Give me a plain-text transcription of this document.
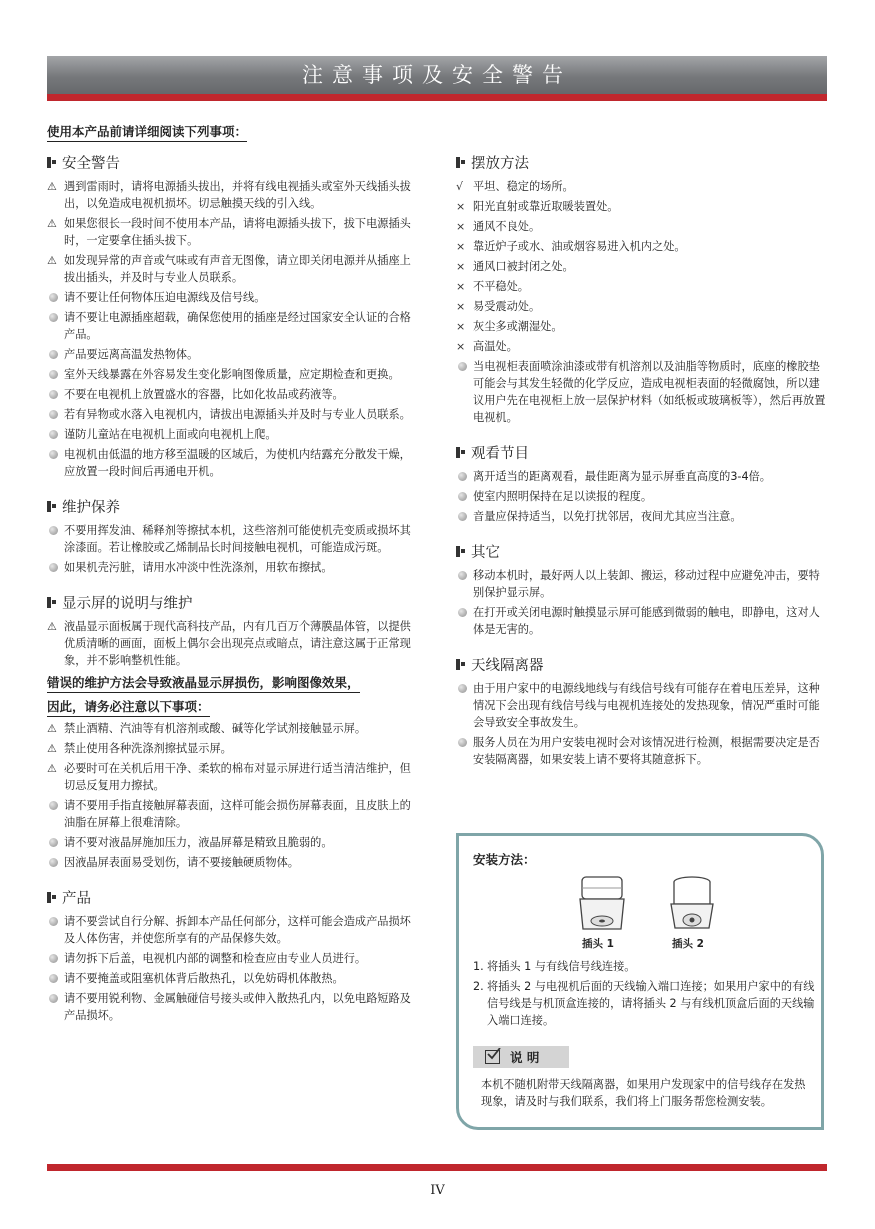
注意事项及安全警告
使用本产品前请详细阅读下列事项：
安全警告
⚠ 遇到雷雨时，请将电源插头拔出，并将有线电视插头或室外天线插头拔出，以免造成电视机损坏。切忌触摸天线的引入线。
⚠ 如果您很长一段时间不使用本产品，请将电源插头拔下，拔下电源插头时，一定要拿住插头拔下。
⚠ 如发现异常的声音或气味或有声音无图像，请立即关闭电源并从插座上拔出插头，并及时与专业人员联系。
请不要让任何物体压迫电源线及信号线。
请不要让电源插座超载，确保您使用的插座是经过国家安全认证的合格产品。
产品要远离高温发热物体。
室外天线暴露在外容易发生变化影响图像质量，应定期检查和更换。
不要在电视机上放置盛水的容器，比如化妆品或药液等。
若有异物或水落入电视机内，请拔出电源插头并及时与专业人员联系。
谨防儿童站在电视机上面或向电视机上爬。
电视机由低温的地方移至温暖的区域后，为使机内结露充分散发干燥，应放置一段时间后再通电开机。
维护保养
不要用挥发油、稀释剂等擦拭本机，这些溶剂可能使机壳变质或损坏其涂漆面。若让橡胶或乙烯制品长时间接触电视机，可能造成污斑。
如果机壳污脏，请用水冲淡中性洗涤剂，用软布擦拭。
显示屏的说明与维护
⚠ 液晶显示面板属于现代高科技产品，内有几百万个薄膜晶体管，以提供优质清晰的画面，面板上偶尔会出现亮点或暗点，请注意这属于正常现象，并不影响整机性能。
错误的维护方法会导致液晶显示屏损伤，影响图像效果，
因此，请务必注意以下事项：
⚠ 禁止酒精、汽油等有机溶剂或酸、碱等化学试剂接触显示屏。
⚠ 禁止使用各种洗涤剂擦拭显示屏。
⚠ 必要时可在关机后用干净、柔软的棉布对显示屏进行适当清洁维护，但切忌反复用力擦拭。
请不要用手指直接触屏幕表面，这样可能会损伤屏幕表面，且皮肤上的油脂在屏幕上很难清除。
请不要对液晶屏施加压力，液晶屏幕是精致且脆弱的。
因液晶屏表面易受划伤，请不要接触硬质物体。
产品
请不要尝试自行分解、拆卸本产品任何部分，这样可能会造成产品损坏及人体伤害，并使您所享有的产品保修失效。
请勿拆下后盖，电视机内部的调整和检查应由专业人员进行。
请不要掩盖或阻塞机体背后散热孔，以免妨碍机体散热。
请不要用锐利物、金属触碰信号接头或伸入散热孔内，以免电路短路及产品损坏。
摆放方法
√ 平坦、稳定的场所。
× 阳光直射或靠近取暖装置处。
× 通风不良处。
× 靠近炉子或水、油或烟容易进入机内之处。
× 通风口被封闭之处。
× 不平稳处。
× 易受震动处。
× 灰尘多或潮湿处。
× 高温处。
当电视柜表面喷涂油漆或带有机溶剂以及油脂等物质时，底座的橡胶垫可能会与其发生轻微的化学反应，造成电视柜表面的轻微腐蚀，所以建议用户先在电视柜上放一层保护材料（如纸板或玻璃板等），然后再放置电视机。
观看节目
离开适当的距离观看，最佳距离为显示屏垂直高度的3-4倍。
使室内照明保持在足以读报的程度。
音量应保持适当，以免打扰邻居，夜间尤其应当注意。
其它
移动本机时，最好两人以上装卸、搬运，移动过程中应避免冲击，要特别保护显示屏。
在打开或关闭电源时触摸显示屏可能感到微弱的触电，即静电，这对人体是无害的。
天线隔离器
由于用户家中的电源线地线与有线信号线有可能存在着电压差异，这种情况下会出现有线信号线与电视机连接处的发热现象，情况严重时可能会导致安全事故发生。
服务人员在为用户安装电视时会对该情况进行检测，根据需要决定是否安装隔离器，如果安装上请不要将其随意拆下。
安装方法：
插头 1	插头 2
1. 将插头 1 与有线信号线连接。
2. 将插头 2 与电视机后面的天线输入端口连接；如果用户家中的有线信号线是与机顶盒连接的，请将插头 2 与有线机顶盒后面的天线输入端口连接。
说 明
本机不随机附带天线隔离器，如果用户发现家中的信号线存在发热现象，请及时与我们联系，我们将上门服务帮您检测安装。
IV
